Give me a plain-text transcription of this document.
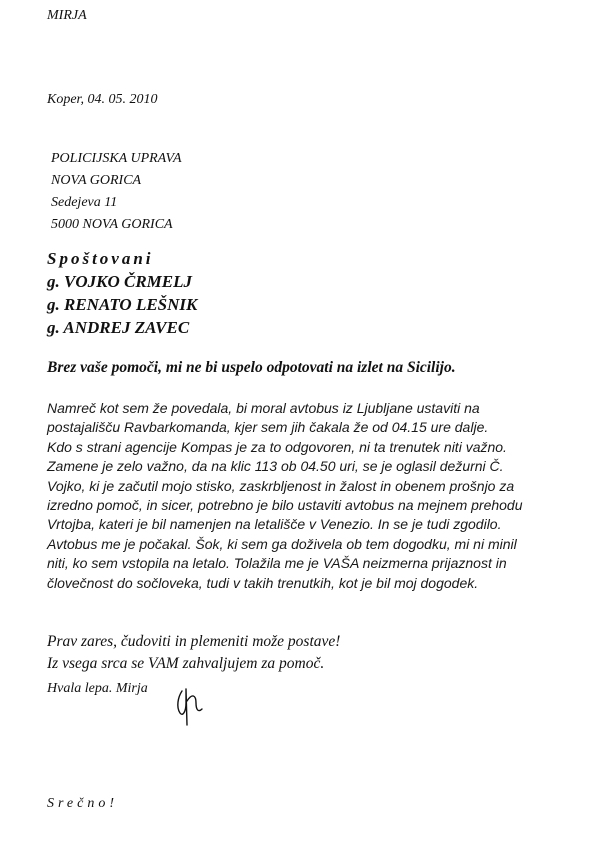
MIRJA
Koper, 04. 05. 2010
POLICIJSKA UPRAVA
NOVA GORICA
Sedejeva 11
5000 NOVA GORICA
Spoštovani
g. VOJKO ČRMELJ
g. RENATO LEŠNIK
g. ANDREJ ZAVEC
Brez vaše pomoči, mi ne bi uspelo odpotovati na izlet na Sicilijo.
Namreč kot sem že povedala, bi moral avtobus iz Ljubljane ustaviti na
postajališču Ravbarkomanda, kjer sem jih čakala že od 04.15 ure dalje.
Kdo s strani agencije Kompas je za to odgovoren, ni ta trenutek niti važno.
Zamene je zelo važno, da na klic 113 ob 04.50 uri, se je oglasil dežurni Č.
Vojko, ki je začutil mojo stisko, zaskrbljenost in žalost in obenem prošnjo za
izredno pomoč, in sicer, potrebno je bilo ustaviti avtobus na mejnem prehodu
Vrtojba, kateri je bil namenjen na letališče v Venezio. In se je tudi zgodilo.
Avtobus me je počakal. Šok, ki sem ga doživela ob tem dogodku, mi ni minil
niti, ko sem vstopila na letalo. Tolažila me je VAŠA neizmerna prijaznost in
človečnost do sočloveka, tudi v takih trenutkih, kot je bil moj dogodek.
Prav zares, čudoviti in plemeniti može postave!
Iz vsega srca se VAM zahvaljujem za pomoč.
Hvala lepa. Mirja
Srečno!
